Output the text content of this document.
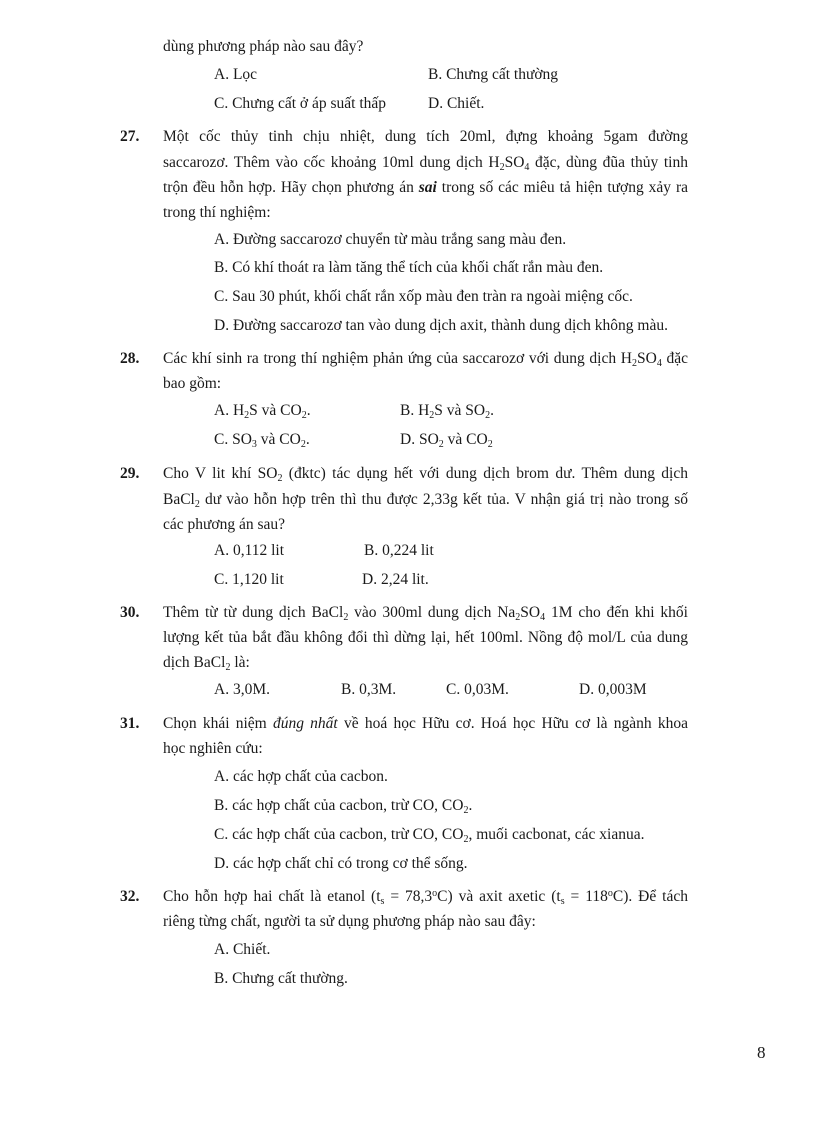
dùng phương pháp nào sau đây?
A. Lọc	B. Chưng cất thường
C. Chưng cất ở áp suất thấp	D. Chiết.
27. Một cốc thủy tinh chịu nhiệt, dung tích 20ml, đựng khoảng 5gam đường
saccarozơ. Thêm vào cốc khoảng 10ml dung dịch $H_2SO_4$ đặc, dùng đũa thủy tinh
trộn đều hỗn hợp. Hãy chọn phương án sai trong số các miêu tả hiện tượng xảy ra
trong thí nghiệm:
A. Đường saccarozơ chuyển từ màu trắng sang màu đen.
B. Có khí thoát ra làm tăng thể tích của khối chất rắn màu đen.
C. Sau 30 phút, khối chất rắn xốp màu đen tràn ra ngoài miệng cốc.
D. Đường saccarozơ tan vào dung dịch axit, thành dung dịch không màu.
28. Các khí sinh ra trong thí nghiệm phản ứng của saccarozơ với dung dịch $H_2SO_4$ đặc
bao gồm:
A. $H_2S$ và $CO_2$.	B. $H_2S$ và $SO_2$.
C. $SO_3$ và $CO_2$.	D. $SO_2$ và $CO_2$
29. Cho V lit khí $SO_2$ (đktc) tác dụng hết với dung dịch brom dư. Thêm dung dịch
BaCl$_2$ dư vào hỗn hợp trên thì thu được 2,33g kết tủa. V nhận giá trị nào trong số
các phương án sau?
A. 0,112 lit	B. 0,224 lit
C. 1,120 lit	D. 2,24 lit.
30. Thêm từ từ dung dịch BaCl$_2$ vào 300ml dung dịch $Na_2SO_4$ 1M cho đến khi khối
lượng kết tủa bắt đầu không đổi thì dừng lại, hết 100ml. Nồng độ mol/L của dung
dịch BaCl$_2$ là:
A. 3,0M.	B. 0,3M.	C. 0,03M.	D. 0,003M
31. Chọn khái niệm đúng nhất về hoá học Hữu cơ. Hoá học Hữu cơ là ngành khoa
học nghiên cứu:
A. các hợp chất của cacbon.
B. các hợp chất của cacbon, trừ CO, $CO_2$.
C. các hợp chất của cacbon, trừ CO, $CO_2$, muối cacbonat, các xianua.
D. các hợp chất chỉ có trong cơ thể sống.
32. Cho hỗn hợp hai chất là etanol $(t_s = 78,3^oC)$ và axit axetic $(t_s = 118^oC)$. Để tách
riêng từng chất, người ta sử dụng phương pháp nào sau đây:
A. Chiết.
B. Chưng cất thường.
8
